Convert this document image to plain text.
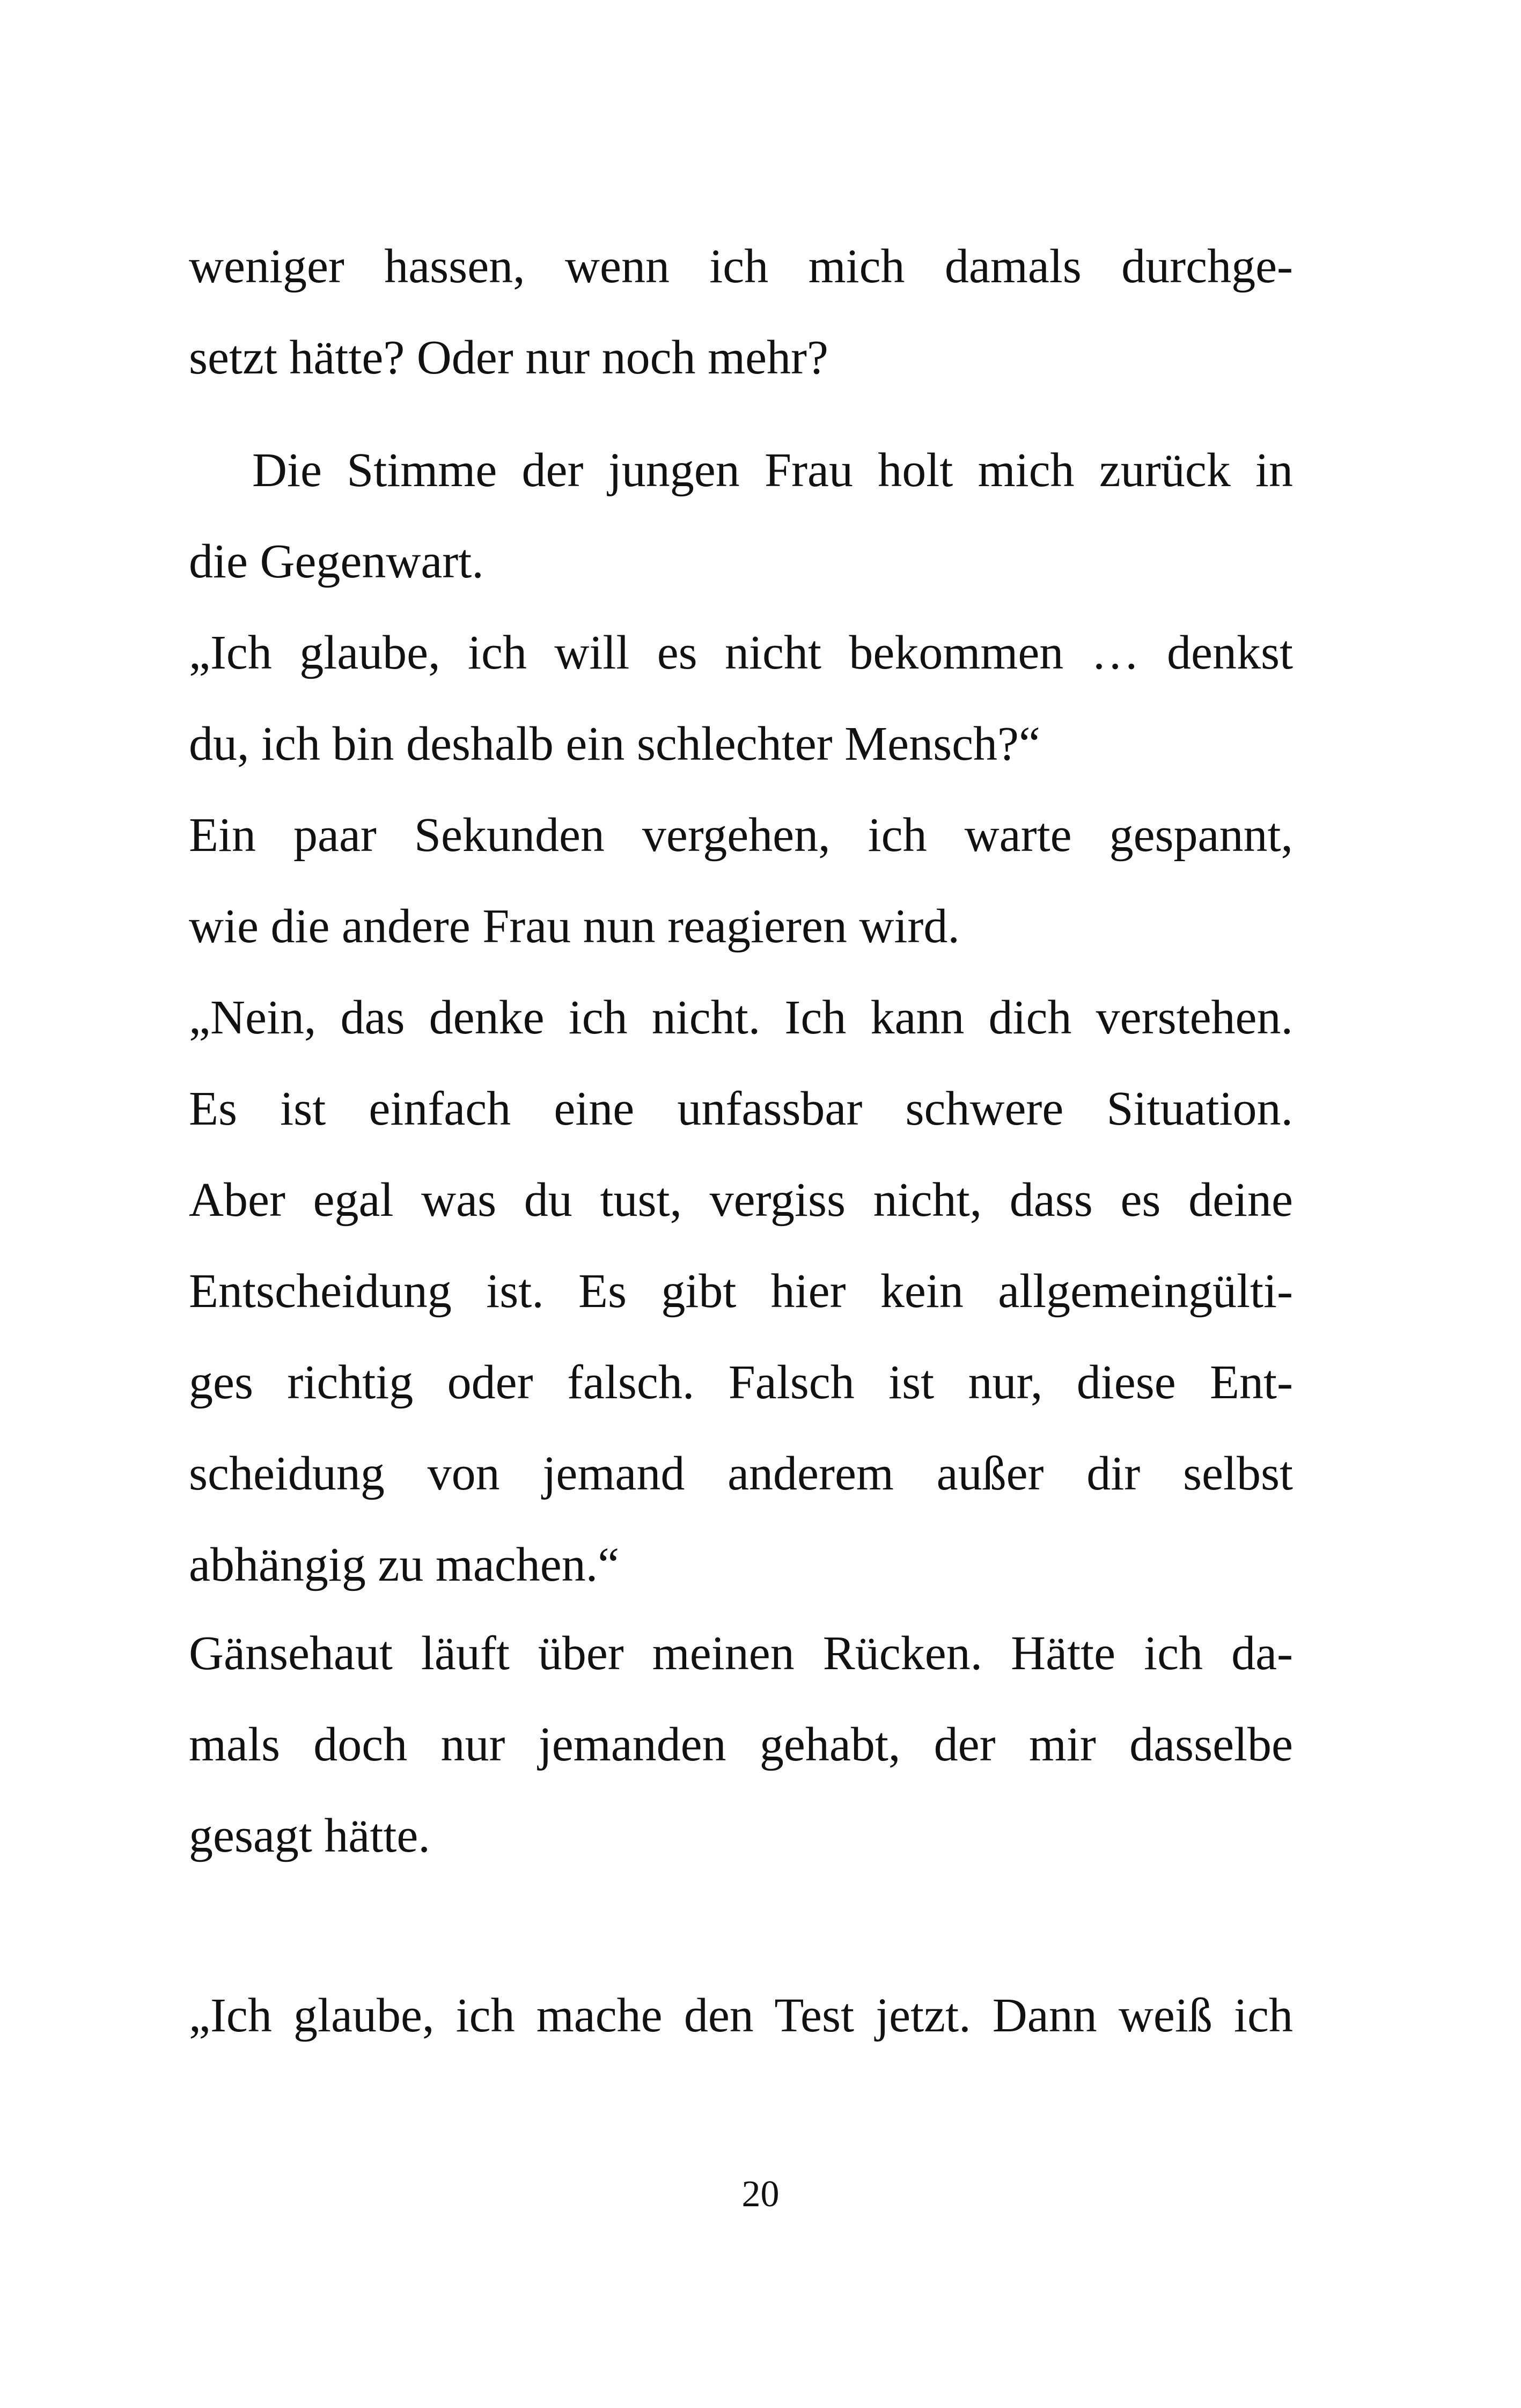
weniger hassen, wenn ich mich damals durchge-
setzt hätte? Oder nur noch mehr?
Die Stimme der jungen Frau holt mich zurück in
die Gegenwart.
„Ich glaube, ich will es nicht bekommen … denkst
du, ich bin deshalb ein schlechter Mensch?“
Ein paar Sekunden vergehen, ich warte gespannt,
wie die andere Frau nun reagieren wird.
„Nein, das denke ich nicht. Ich kann dich verstehen.
Es ist einfach eine unfassbar schwere Situation.
Aber egal was du tust, vergiss nicht, dass es deine
Entscheidung ist. Es gibt hier kein allgemeingülti-
ges richtig oder falsch. Falsch ist nur, diese Ent-
scheidung von jemand anderem außer dir selbst
abhängig zu machen.“
Gänsehaut läuft über meinen Rücken. Hätte ich da-
mals doch nur jemanden gehabt, der mir dasselbe
gesagt hätte.
„Ich glaube, ich mache den Test jetzt. Dann weiß ich
20
